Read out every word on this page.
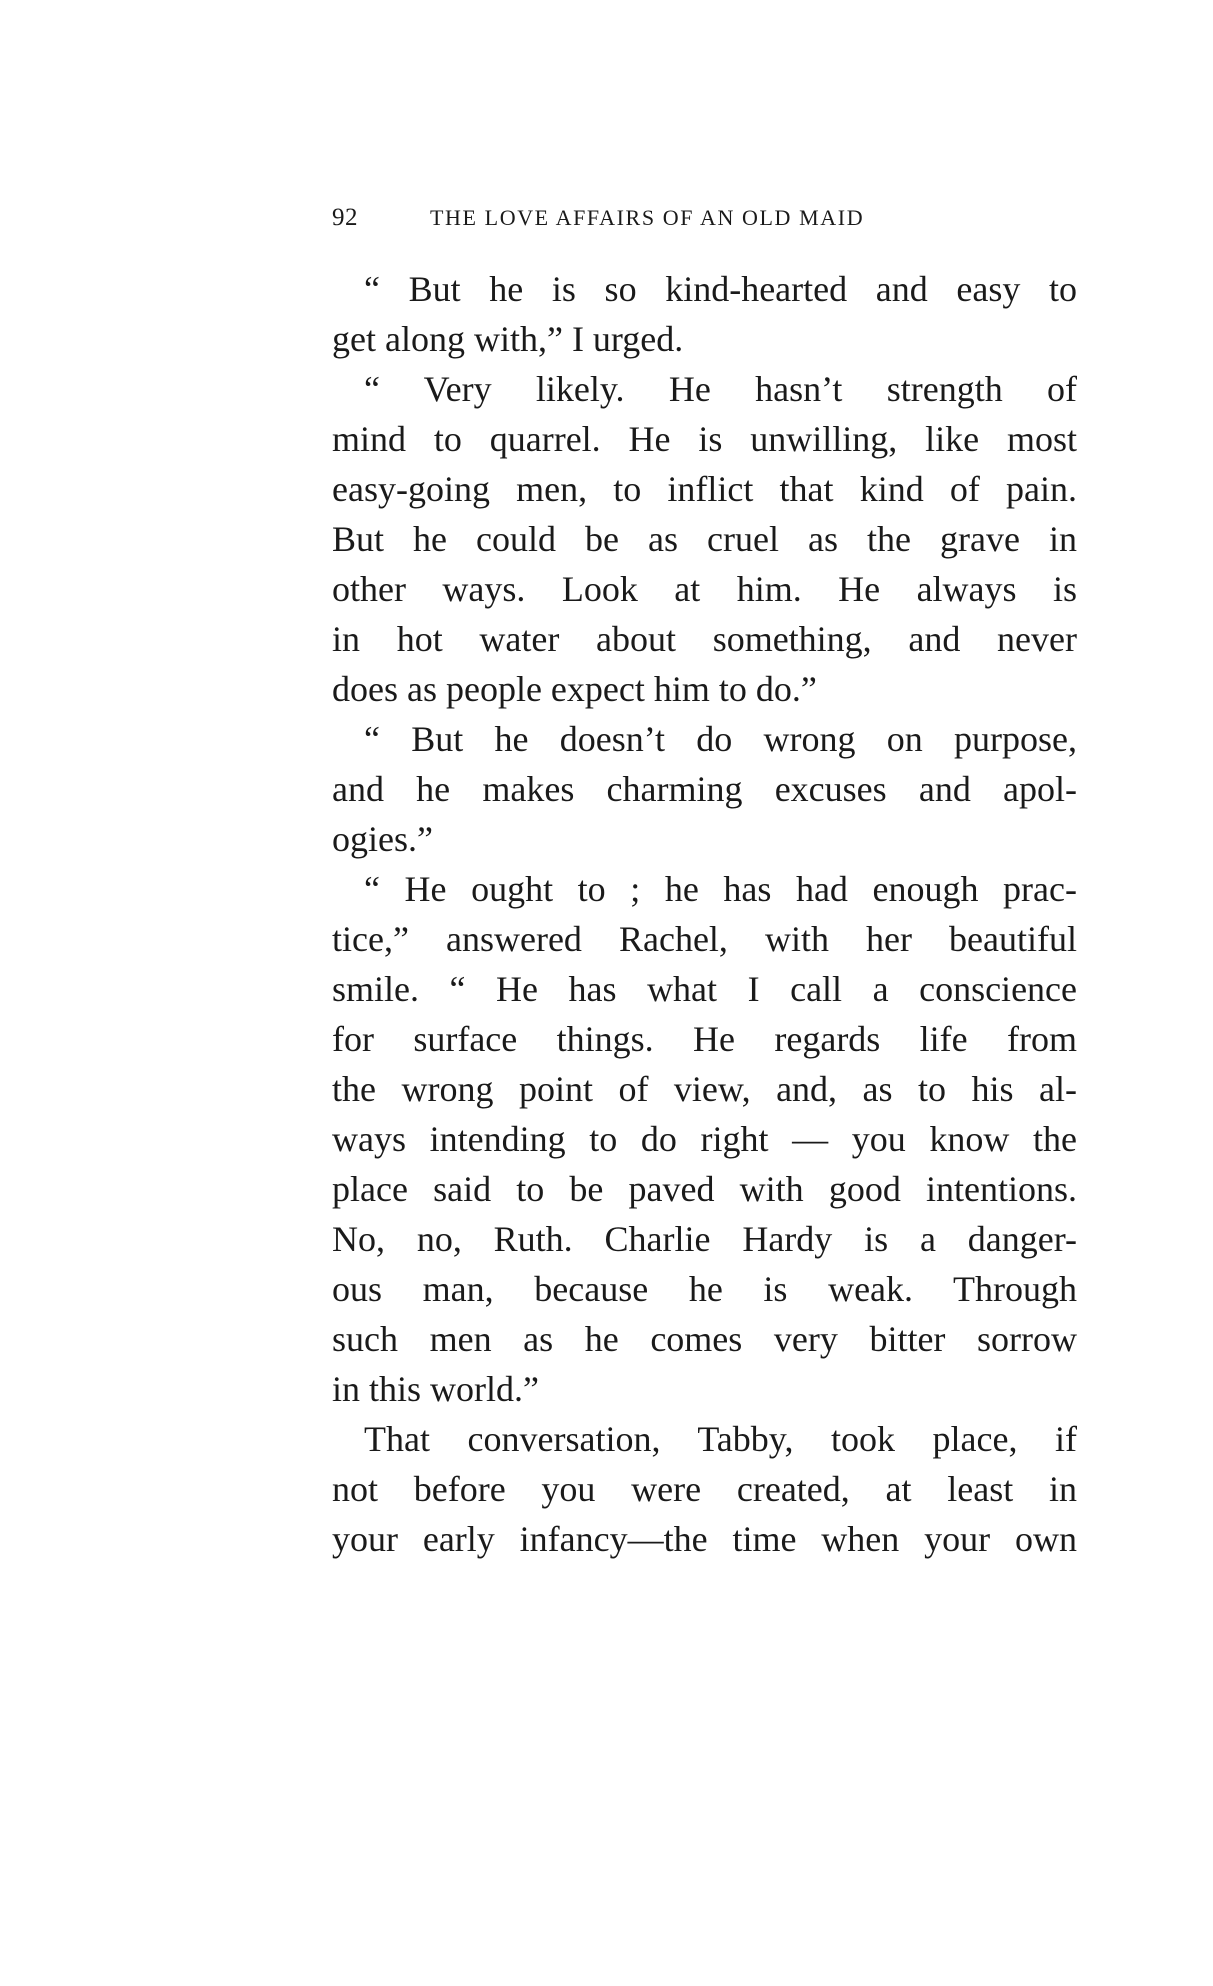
92	THE LOVE AFFAIRS OF AN OLD MAID
“ But he is so kind-hearted and easy to
get along with,” I urged.
“ Very likely. He hasn’t strength of
mind to quarrel. He is unwilling, like most
easy-going men, to inflict that kind of pain.
But he could be as cruel as the grave in
other ways. Look at him. He always is
in hot water about something, and never
does as people expect him to do.”
“ But he doesn’t do wrong on purpose,
and he makes charming excuses and apol-
ogies.”
“ He ought to ; he has had enough prac-
tice,” answered Rachel, with her beautiful
smile. “ He has what I call a conscience
for surface things. He regards life from
the wrong point of view, and, as to his al-
ways intending to do right — you know the
place said to be paved with good intentions.
No, no, Ruth. Charlie Hardy is a danger-
ous man, because he is weak. Through
such men as he comes very bitter sorrow
in this world.”
That conversation, Tabby, took place, if
not before you were created, at least in
your early infancy—the time when your own
